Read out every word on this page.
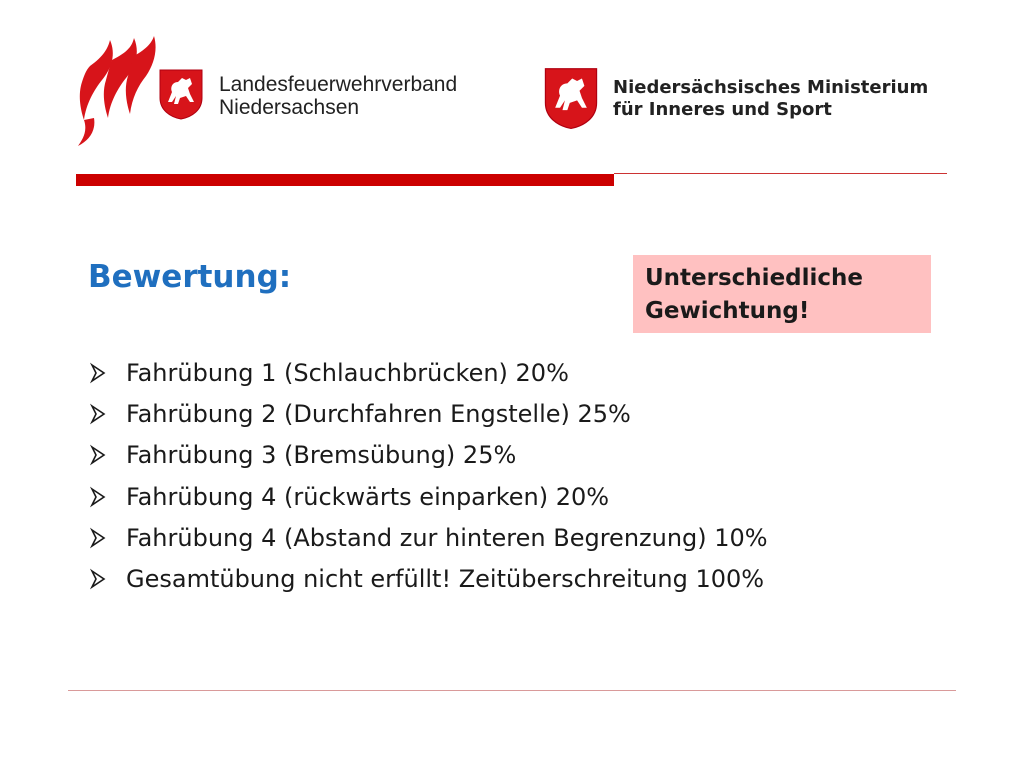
Landesfeuerwehrverband
Niedersachsen
Niedersächsisches Ministerium
für Inneres und Sport
Bewertung:	Unterschiedliche
Gewichtung!
Fahrübung 1 (Schlauchbrücken) 20%
Fahrübung 2 (Durchfahren Engstelle) 25%
Fahrübung 3 (Bremsübung) 25%
Fahrübung 4 (rückwärts einparken) 20%
Fahrübung 4 (Abstand zur hinteren Begrenzung) 10%
Gesamtübung nicht erfüllt! Zeitüberschreitung 100%
